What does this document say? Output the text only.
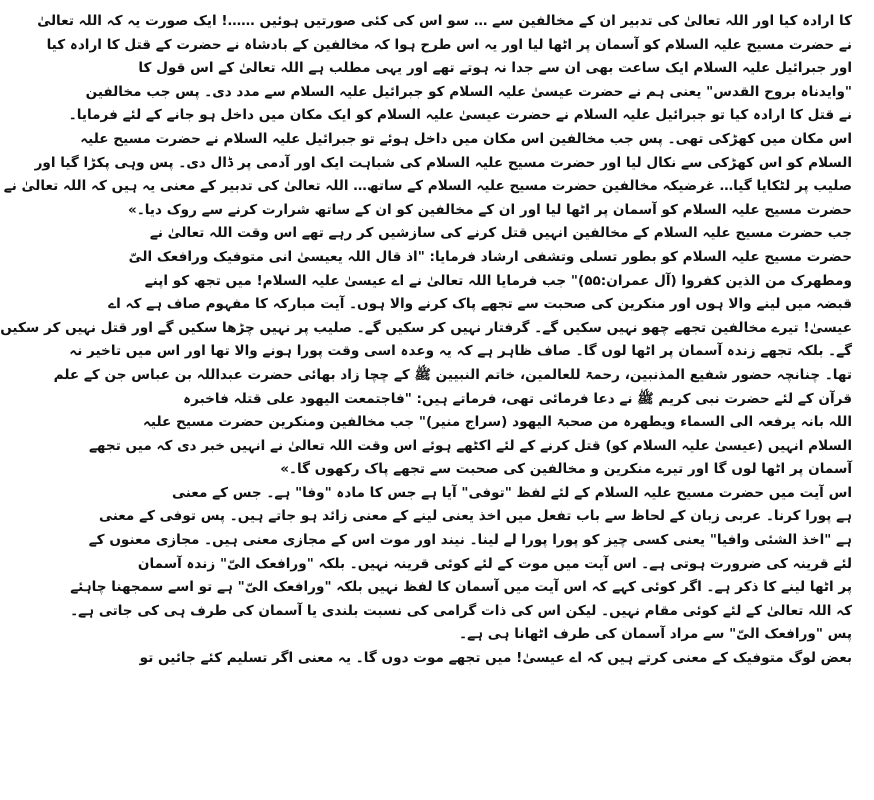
کا ارادہ کیا اور اللہ تعالیٰ کی تدبیر ان کے مخالفین سے … سو اس کی کئی صورتیں ہوئیں ……! ایک صورت یہ کہ اللہ تعالیٰ
نے حضرت مسیح علیہ السلام کو آسمان پر اٹھا لیا اور یہ اس طرح ہوا کہ مخالفین کے بادشاہ نے حضرت کے قتل کا ارادہ کیا
اور جبرائیل علیہ السلام ایک ساعت بھی ان سے جدا نہ ہوتے تھے اور یہی مطلب ہے اللہ تعالیٰ کے اس قول کا
"وایدناہ بروح القدس" یعنی ہم نے حضرت عیسیٰ علیہ السلام کو جبرائیل علیہ السلام سے مدد دی۔ پس جب مخالفین
نے قتل کا ارادہ کیا تو جبرائیل علیہ السلام نے حضرت عیسیٰ علیہ السلام کو ایک مکان میں داخل ہو جانے کے لئے فرمایا۔
اس مکان میں کھڑکی تھی۔ پس جب مخالفین اس مکان میں داخل ہوئے تو جبرائیل علیہ السلام نے حضرت مسیح علیہ
السلام کو اس کھڑکی سے نکال لیا اور حضرت مسیح علیہ السلام کی شباہت ایک اور آدمی پر ڈال دی۔ پس وہی پکڑا گیا اور
صلیب پر لٹکایا گیا… غرضیکہ مخالفین حضرت مسیح علیہ السلام کے ساتھ… اللہ تعالیٰ کی تدبیر کے معنی یہ ہیں کہ اللہ تعالیٰ نے
حضرت مسیح علیہ السلام کو آسمان پر اٹھا لیا اور ان کے مخالفین کو ان کے ساتھ شرارت کرنے سے روک دیا۔»
جب حضرت مسیح علیہ السلام کے مخالفین انہیں قتل کرنے کی سازشیں کر رہے تھے اس وقت اللہ تعالیٰ نے
حضرت مسیح علیہ السلام کو بطور تسلی وتشفی ارشاد فرمایا: "اذ قال اللہ یعیسیٰ انی متوفیک ورافعک الیّ
ومطھرک من الذین کفروا (آل عمران:۵۵)" جب فرمایا اللہ تعالیٰ نے اے عیسیٰ علیہ السلام! میں تجھ کو اپنے
قبضہ میں لینے والا ہوں اور منکرین کی صحبت سے تجھے پاک کرنے والا ہوں۔ آیت مبارکہ کا مفہوم صاف ہے کہ اے
عیسیٰ! تیرے مخالفین تجھے چھو نہیں سکیں گے۔ گرفتار نہیں کر سکیں گے۔ صلیب پر نہیں چڑھا سکیں گے اور قتل نہیں کر سکیں
گے۔ بلکہ تجھے زندہ آسمان پر اٹھا لوں گا۔ صاف ظاہر ہے کہ یہ وعدہ اسی وقت پورا ہونے والا تھا اور اس میں تاخیر نہ
تھا۔ چنانچہ حضور شفیع المذنبین، رحمۃ للعالمین، خاتم النبیین ﷺ کے چچا زاد بھائی حضرت عبداللہ بن عباس جن کے علم
قرآن کے لئے حضرت نبی کریم ﷺ نے دعا فرمائی تھی، فرماتے ہیں: "فاجتمعت الیھود علی قتلہ فاخبرہ
اللہ بانہ یرفعہ الی السماء ویطھرہ من صحبۃ الیھود (سراج منیر)" جب مخالفین ومنکرین حضرت مسیح علیہ
السلام انہیں (عیسیٰ علیہ السلام کو) قتل کرنے کے لئے اکٹھے ہوئے اس وقت اللہ تعالیٰ نے انہیں خبر دی کہ میں تجھے
آسمان پر اٹھا لوں گا اور تیرے منکرین و مخالفین کی صحبت سے تجھے پاک رکھوں گا۔»
اس آیت میں حضرت مسیح علیہ السلام کے لئے لفظ "توفی" آیا ہے جس کا مادہ "وفا" ہے۔ جس کے معنی
ہے پورا کرنا۔ عربی زبان کے لحاظ سے باب تفعل میں اخذ یعنی لینے کے معنی زائد ہو جاتے ہیں۔ پس توفی کے معنی
ہے "اخذ الشئی وافیا" یعنی کسی چیز کو پورا پورا لے لینا۔ نیند اور موت اس کے مجازی معنی ہیں۔ مجازی معنوں کے
لئے قرینہ کی ضرورت ہوتی ہے۔ اس آیت میں موت کے لئے کوئی قرینہ نہیں۔ بلکہ "ورافعک الیّ" زندہ آسمان
پر اٹھا لینے کا ذکر ہے۔ اگر کوئی کہے کہ اس آیت میں آسمان کا لفظ نہیں بلکہ "ورافعک الیّ" ہے تو اسے سمجھنا چاہئے
کہ اللہ تعالیٰ کے لئے کوئی مقام نہیں۔ لیکن اس کی ذات گرامی کی نسبت بلندی یا آسمان کی طرف ہی کی جاتی ہے۔
پس "ورافعک الیّ" سے مراد آسمان کی طرف اٹھانا ہی ہے۔
بعض لوگ متوفیک کے معنی کرتے ہیں کہ اے عیسیٰ! میں تجھے موت دوں گا۔ یہ معنی اگر تسلیم کئے جائیں تو
